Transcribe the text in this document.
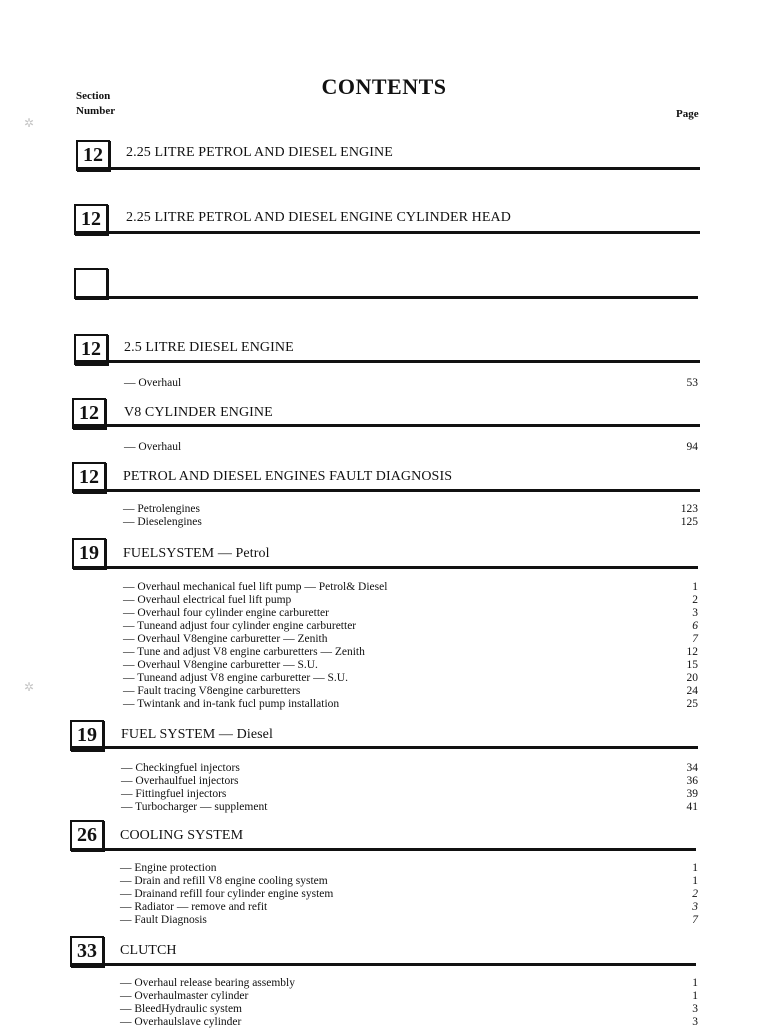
CONTENTS
Section
Number	Page
✲
✲
12	2.25 LITRE PETROL AND DIESEL ENGINE
12	2.25 LITRE PETROL AND DIESEL ENGINE CYLINDER HEAD
12	2.5 LITRE DIESEL ENGINE
— Overhaul	53
12	V8 CYLINDER ENGINE
— Overhaul	94
12	PETROL AND DIESEL ENGINES FAULT DIAGNOSIS
— Petrolengines	123
— Dieselengines	125
19	FUELSYSTEM — Petrol
— Overhaul mechanical fuel lift pump — Petrol& Diesel	1
— Overhaul electrical fuel lift pump	2
— Overhaul four cylinder engine carburetter	3
— Tuneand adjust four cylinder engine carburetter	6
— Overhaul V8engine carburetter — Zenith	7
— Tune and adjust V8 engine carburetters — Zenith	12
— Overhaul V8engine carburetter — S.U.	15
— Tuneand adjust V8 engine carburetter — S.U.	20
— Fault tracing V8engine carburetters	24
— Twintank and in-tank fucl pump installation	25
19	FUEL SYSTEM — Diesel
— Checkingfuel injectors	34
— Overhaulfuel injectors	36
— Fittingfuel injectors	39
— Turbocharger — supplement	41
26	COOLING SYSTEM
— Engine protection	1
— Drain and refill V8 engine cooling system	1
— Drainand refill four cylinder engine system	2
— Radiator — remove and refit	3
— Fault Diagnosis	7
33	CLUTCH
— Overhaul release bearing assembly	1
— Overhaulmaster cylinder	1
— BleedHydraulic system	3
— Overhaulslave cylinder	3
